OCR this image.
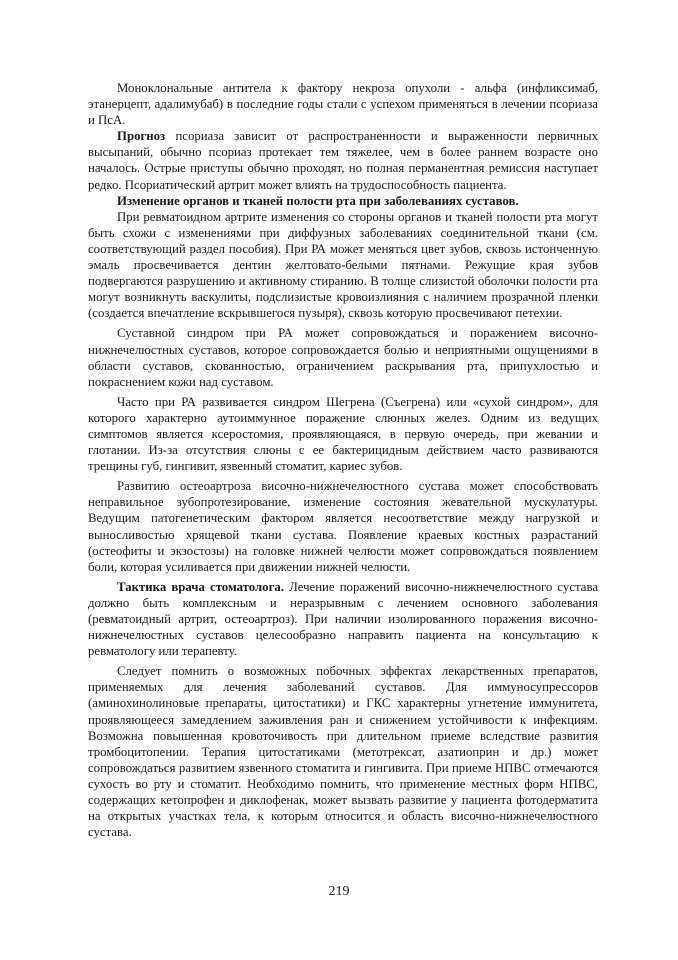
Моноклональные антитела к фактору некроза опухоли - альфа (инфликсимаб, этанерцепт, адалимубаб) в последние годы стали с успехом применяться в лечении псориаза и ПсА.

Прогноз псориаза зависит от распространенности и выраженности первичных высыпаний, обычно псориаз протекает тем тяжелее, чем в более раннем возрасте оно началось. Острые приступы обычно проходят, но полная перманентная ремиссия наступает редко. Псориатический артрит может влиять на трудоспособность пациента.

Изменение органов и тканей полости рта при заболеваниях суставов.

При ревматоидном артрите изменения со стороны органов и тканей полости рта могут быть схожи с изменениями при диффузных заболеваниях соединительной ткани (см. соответствующий раздел пособия). При РА может меняться цвет зубов, сквозь истонченную эмаль просвечивается дентин желтовато-белыми пятнами. Режущие края зубов подвергаются разрушению и активному стиранию. В толще слизистой оболочки полости рта могут возникнуть васкулиты, подслизистые кровоизлияния с наличием прозрачной пленки (создается впечатление вскрывшегося пузыря), сквозь которую просвечивают петехии.

Суставной синдром при РА может сопровождаться и поражением височно-нижнечелюстных суставов, которое сопровождается болью и неприятными ощущениями в области суставов, скованностью, ограничением раскрывания рта, припухлостью и покраснением кожи над суставом.

Часто при РА развивается синдром Шегрена (Съегрена) или «сухой синдром», для которого характерно аутоиммунное поражение слюнных желез. Одним из ведущих симптомов является ксеростомия, проявляющаяся, в первую очередь, при жевании и глотании. Из-за отсутствия слюны с ее бактерицидным действием часто развиваются трещины губ, гингивит, язвенный стоматит, кариес зубов.

Развитию остеоартроза височно-нижнечелюстного сустава может способствовать неправильное зубопротезирование, изменение состояния жевательной мускулатуры. Ведущим патогенетическим фактором является несоответствие между нагрузкой и выносливостью хрящевой ткани сустава. Появление краевых костных разрастаний (остеофиты и экзостозы) на головке нижней челюсти может сопровождаться появлением боли, которая усиливается при движении нижней челюсти.

Тактика врача стоматолога. Лечение поражений височно-нижнечелюстного сустава должно быть комплексным и неразрывным с лечением основного заболевания (ревматоидный артрит, остеоартроз). При наличии изолированного поражения височно-нижнечелюстных суставов целесообразно направить пациента на консультацию к ревматологу или терапевту.

Следует помнить о возможных побочных эффектах лекарственных препаратов, применяемых для лечения заболеваний суставов. Для иммуносупрессоров (аминохинолиновые препараты, цитостатики) и ГКС характерны угнетение иммунитета, проявляющееся замедлением заживления ран и снижением устойчивости к инфекциям. Возможна повышенная кровоточивость при длительном приеме вследствие развития тромбоцитопении. Терапия цитостатиками (метотрексат, азатиоприн и др.) может сопровождаться развитием язвенного стоматита и гингивита. При приеме НПВС отмечаются сухость во рту и стоматит. Необходимо помнить, что применение местных форм НПВС, содержащих кетопрофен и диклофенак, может вызвать развитие у пациента фотодерматита на открытых участках тела, к которым относится и область височно-нижнечелюстного сустава.

219
